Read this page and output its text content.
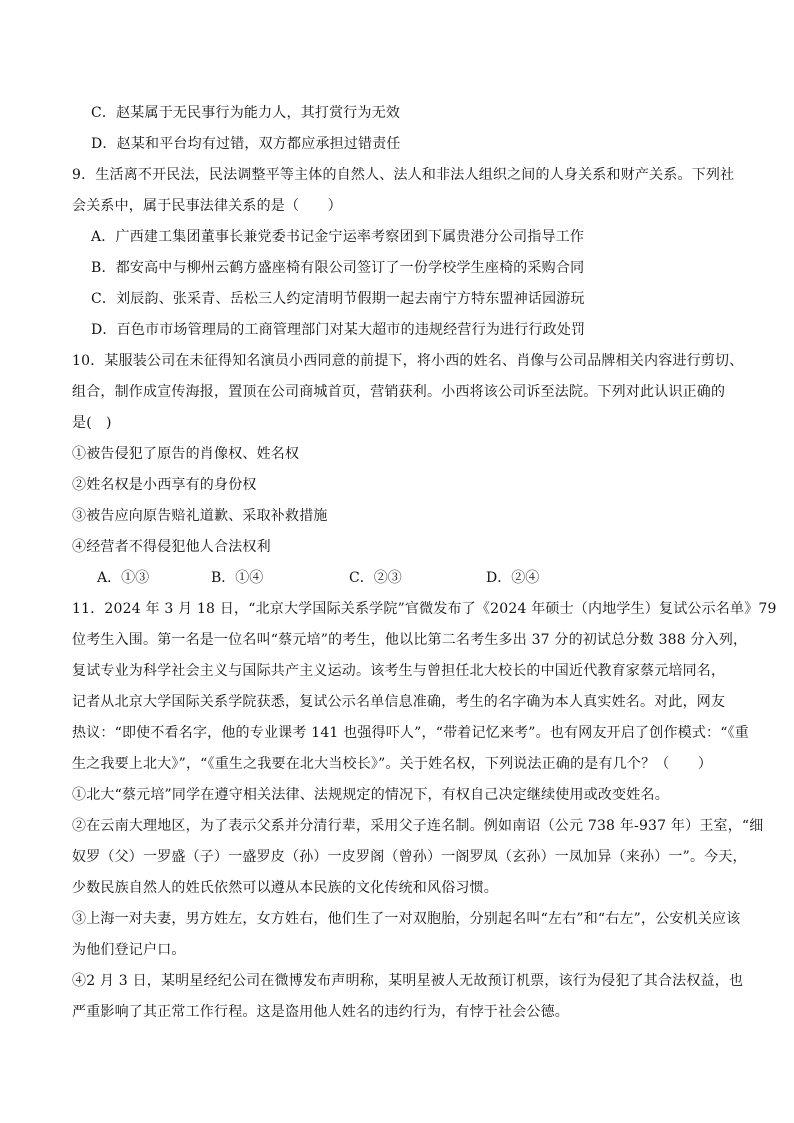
C．赵某属于无民事行为能力人，其打赏行为无效
D．赵某和平台均有过错，双方都应承担过错责任
9．生活离不开民法，民法调整平等主体的自然人、法人和非法人组织之间的人身关系和财产关系。下列社
会关系中，属于民事法律关系的是（　　）
A．广西建工集团董事长兼党委书记金宁运率考察团到下属贵港分公司指导工作
B．都安高中与柳州云鹤方盛座椅有限公司签订了一份学校学生座椅的采购合同
C．刘辰韵、张采青、岳松三人约定清明节假期一起去南宁方特东盟神话园游玩
D．百色市市场管理局的工商管理部门对某大超市的违规经营行为进行行政处罚
10．某服装公司在未征得知名演员小西同意的前提下，将小西的姓名、肖像与公司品牌相关内容进行剪切、
组合，制作成宣传海报，置顶在公司商城首页，营销获利。小西将该公司诉至法院。下列对此认识正确的
是(　)
①被告侵犯了原告的肖像权、姓名权
②姓名权是小西享有的身份权
③被告应向原告赔礼道歉、采取补救措施
④经营者不得侵犯他人合法权利
A．①③	B．①④	C．②③	D．②④
11．2024 年 3 月 18 日，“北京大学国际关系学院”官微发布了《2024 年硕士（内地学生）复试公示名单》79
位考生入围。第一名是一位名叫“蔡元培”的考生，他以比第二名考生多出 37 分的初试总分数 388 分入列，
复试专业为科学社会主义与国际共产主义运动。该考生与曾担任北大校长的中国近代教育家蔡元培同名，
记者从北京大学国际关系学院获悉，复试公示名单信息准确，考生的名字确为本人真实姓名。对此，网友
热议：“即使不看名字，他的专业课考 141 也强得吓人”，“带着记忆来考”。也有网友开启了创作模式：“《重
生之我要上北大》”，“《重生之我要在北大当校长》”。关于姓名权，下列说法正确的是有几个？（　　）
①北大“蔡元培”同学在遵守相关法律、法规规定的情况下，有权自己决定继续使用或改变姓名。
②在云南大理地区，为了表示父系并分清行辈，采用父子连名制。例如南诏（公元 738 年-937 年）王室，“细
奴罗（父）一罗盛（子）一盛罗皮（孙）一皮罗阁（曾孙）一阁罗凤（玄孙）一凤加异（来孙）一”。今天，
少数民族自然人的姓氏依然可以遵从本民族的文化传统和风俗习惯。
③上海一对夫妻，男方姓左，女方姓右，他们生了一对双胞胎，分别起名叫“左右”和“右左”，公安机关应该
为他们登记户口。
④2 月 3 日，某明星经纪公司在微博发布声明称，某明星被人无故预订机票，该行为侵犯了其合法权益，也
严重影响了其正常工作行程。这是盗用他人姓名的违约行为，有悖于社会公德。
